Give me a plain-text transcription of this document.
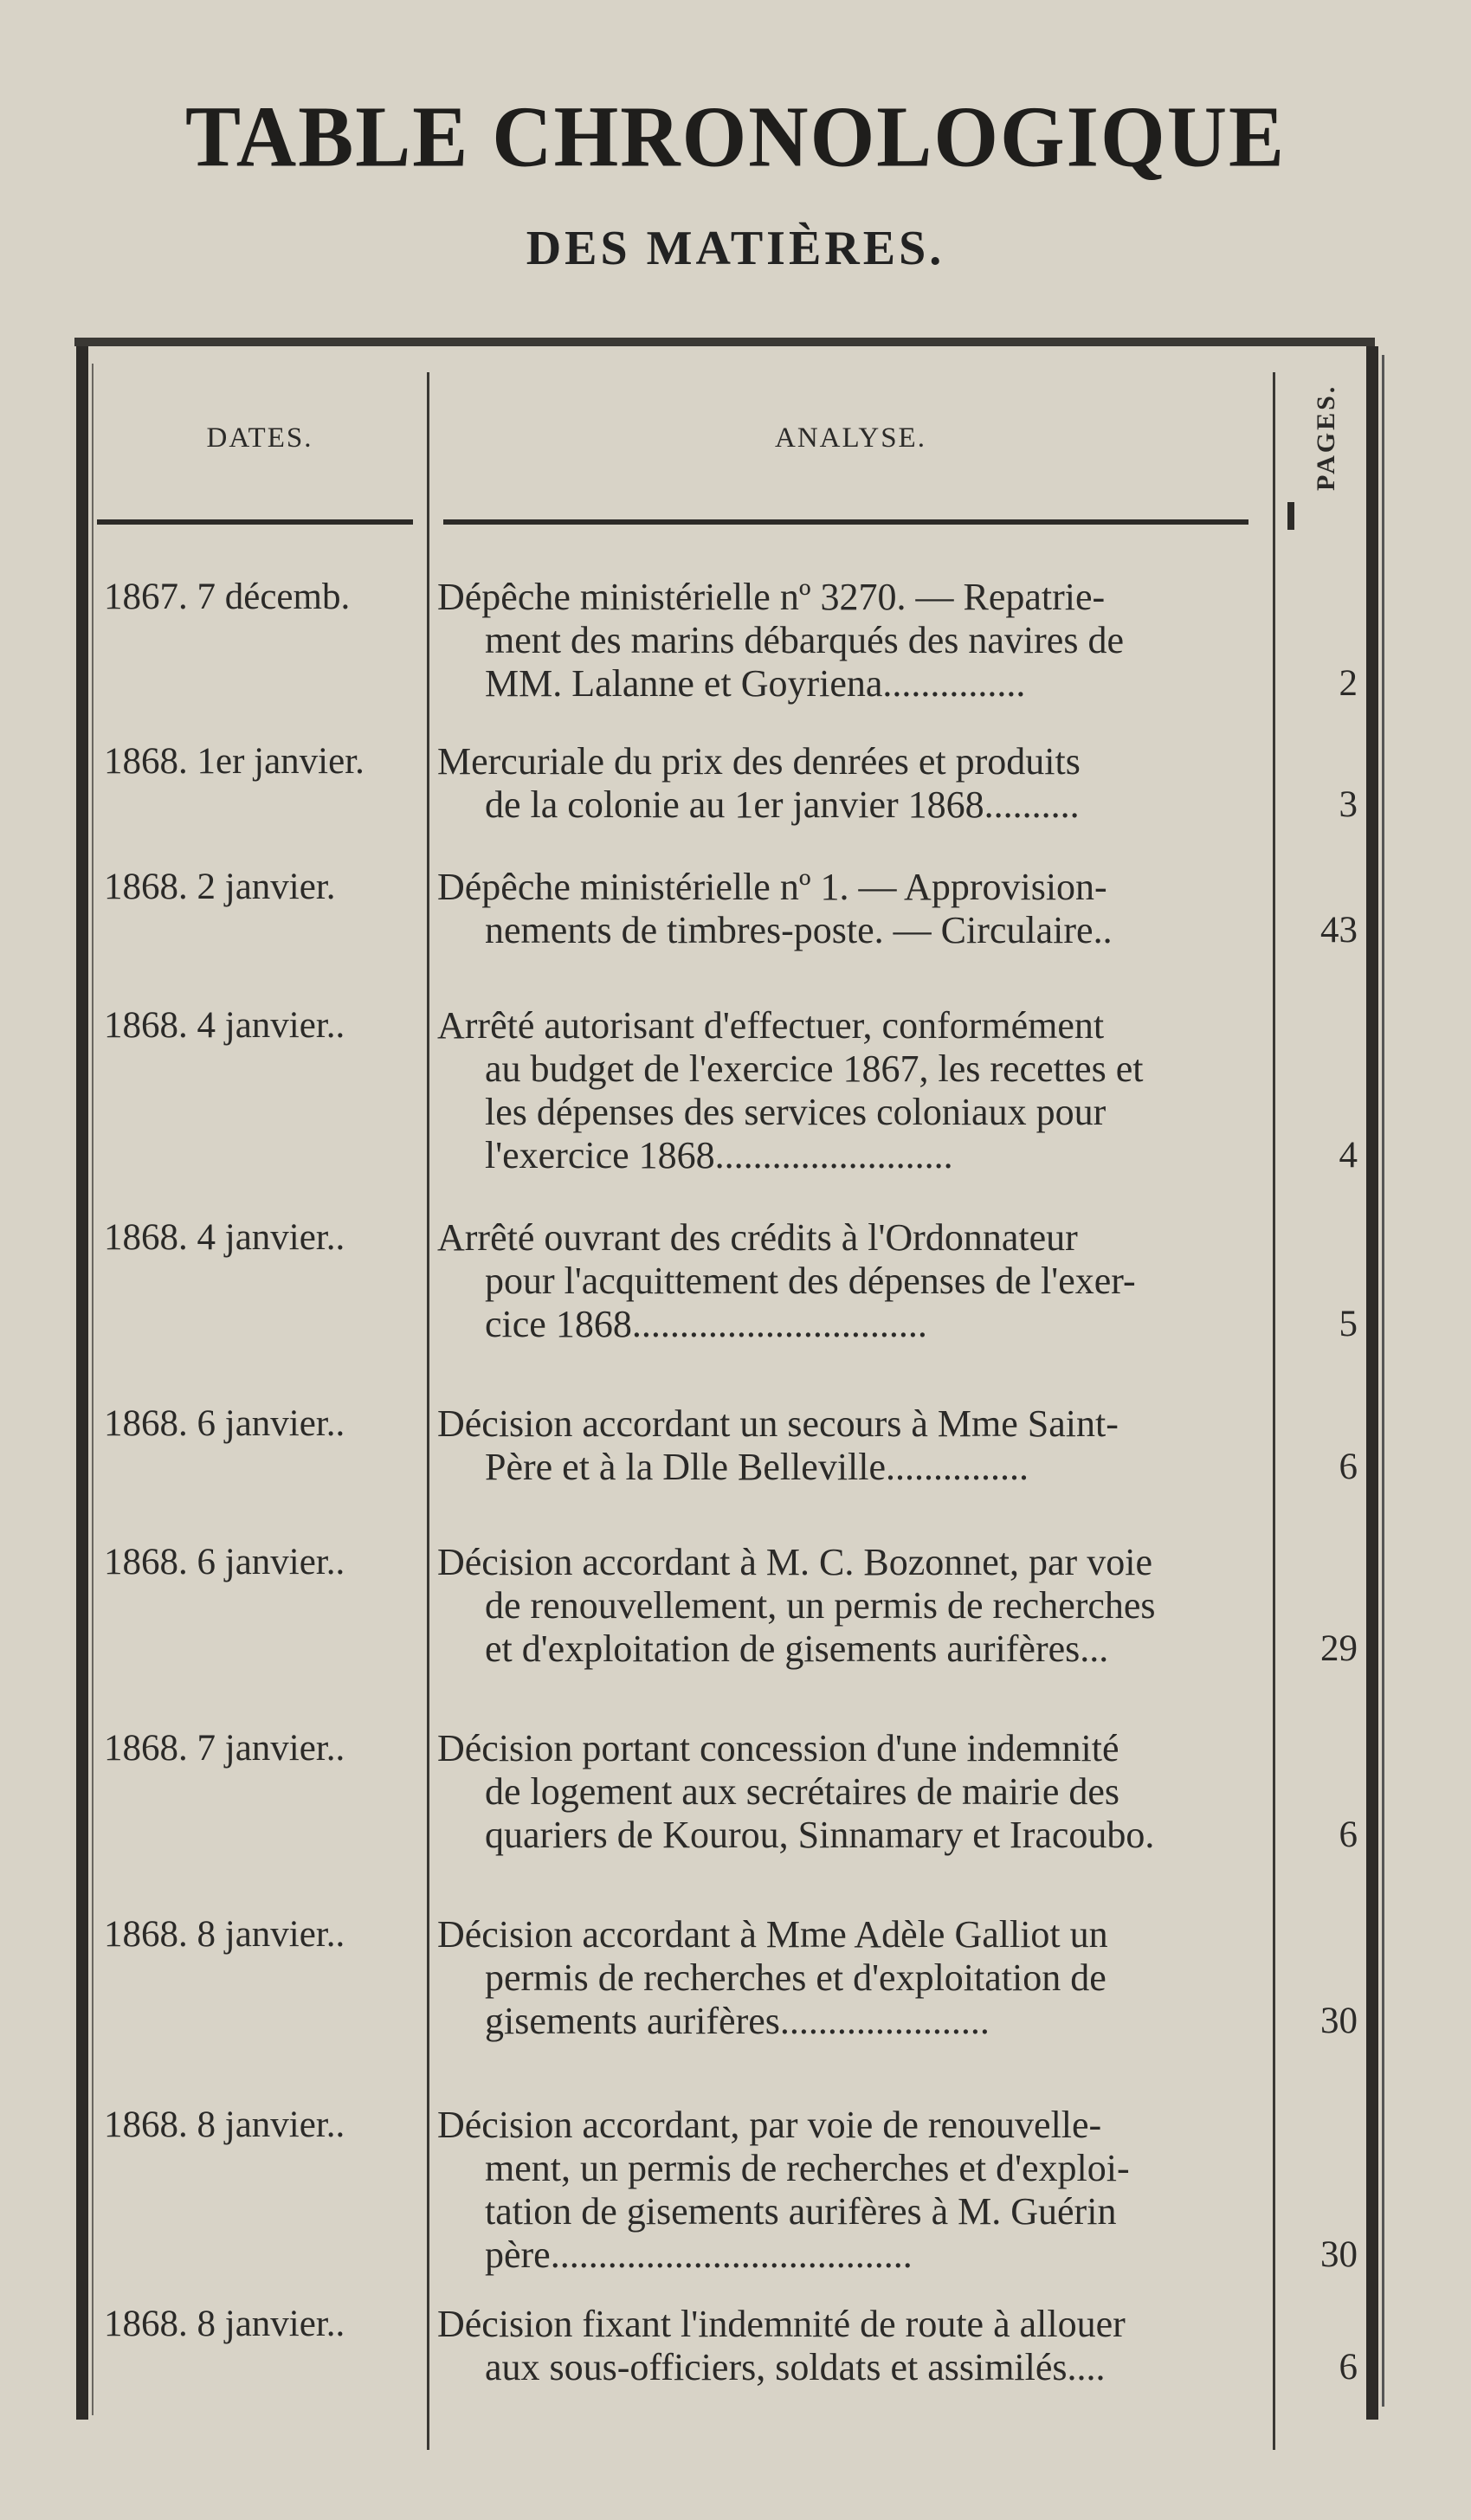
TABLE CHRONOLOGIQUE
DES MATIÈRES.
DATES.	ANALYSE.	PAGES.
1867. 7 décemb.	Dépêche ministérielle nº 3270. — Repatrie-
ment des marins débarqués des navires de
MM. Lalanne et Goyriena...............	2
1868. 1er janvier.	Mercuriale du prix des denrées et produits
de la colonie au 1er janvier 1868..........	3
1868. 2 janvier.	Dépêche ministérielle nº 1. — Approvision-
nements de timbres-poste. — Circulaire..	43
1868. 4 janvier..	Arrêté autorisant d'effectuer, conformément
au budget de l'exercice 1867, les recettes et
les dépenses des services coloniaux pour
l'exercice 1868.........................	4
1868. 4 janvier..	Arrêté ouvrant des crédits à l'Ordonnateur
pour l'acquittement des dépenses de l'exer-
cice 1868...............................	5
1868. 6 janvier..	Décision accordant un secours à Mme Saint-
Père et à la Dlle Belleville...............	6
1868. 6 janvier..	Décision accordant à M. C. Bozonnet, par voie
de renouvellement, un permis de recherches
et d'exploitation de gisements aurifères...	29
1868. 7 janvier..	Décision portant concession d'une indemnité
de logement aux secrétaires de mairie des
quariers de Kourou, Sinnamary et Iracoubo.	6
1868. 8 janvier..	Décision accordant à Mme Adèle Galliot un
permis de recherches et d'exploitation de
gisements aurifères......................	30
1868. 8 janvier..	Décision accordant, par voie de renouvelle-
ment, un permis de recherches et d'exploi-
tation de gisements aurifères à M. Guérin
père......................................	30
1868. 8 janvier..	Décision fixant l'indemnité de route à allouer
aux sous-officiers, soldats et assimilés....	6
